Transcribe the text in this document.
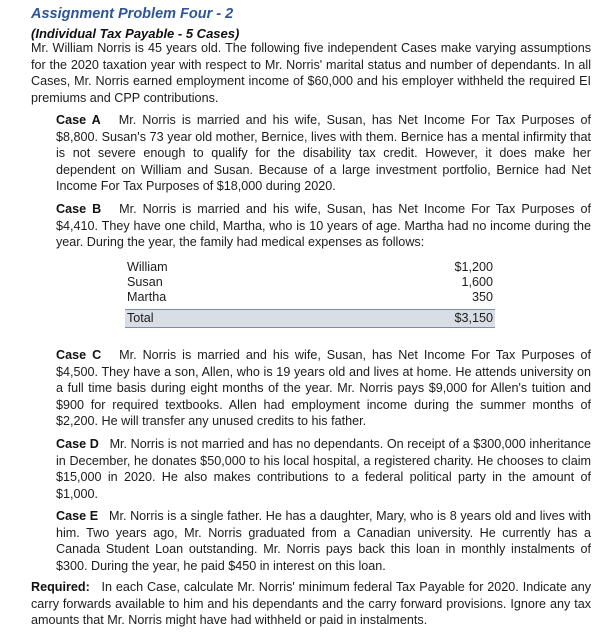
Assignment Problem Four - 2
(Individual Tax Payable - 5 Cases)

Mr. William Norris is 45 years old. The following five independent Cases make varying assumptions for the 2020 taxation year with respect to Mr. Norris' marital status and number of dependants. In all Cases, Mr. Norris earned employment income of $60,000 and his employer withheld the required EI premiums and CPP contributions.

Case A Mr. Norris is married and his wife, Susan, has Net Income For Tax Purposes of $8,800. Susan's 73 year old mother, Bernice, lives with them. Bernice has a mental infirmity that is not severe enough to qualify for the disability tax credit. However, it does make her dependent on William and Susan. Because of a large investment portfolio, Bernice had Net Income For Tax Purposes of $18,000 during 2020.

Case B Mr. Norris is married and his wife, Susan, has Net Income For Tax Purposes of $4,410. They have one child, Martha, who is 10 years of age. Martha had no income during the year. During the year, the family had medical expenses as follows:

William	$1,200
Susan	1,600
Martha	350
Total	$3,150

Case C Mr. Norris is married and his wife, Susan, has Net Income For Tax Purposes of $4,500. They have a son, Allen, who is 19 years old and lives at home. He attends university on a full time basis during eight months of the year. Mr. Norris pays $9,000 for Allen's tuition and $900 for required textbooks. Allen had employment income during the summer months of $2,200. He will transfer any unused credits to his father.

Case D Mr. Norris is not married and has no dependants. On receipt of a $300,000 inheritance in December, he donates $50,000 to his local hospital, a registered charity. He chooses to claim $15,000 in 2020. He also makes contributions to a federal political party in the amount of $1,000.

Case E Mr. Norris is a single father. He has a daughter, Mary, who is 8 years old and lives with him. Two years ago, Mr. Norris graduated from a Canadian university. He currently has a Canada Student Loan outstanding. Mr. Norris pays back this loan in monthly instalments of $300. During the year, he paid $450 in interest on this loan.

Required: In each Case, calculate Mr. Norris' minimum federal Tax Payable for 2020. Indicate any carry forwards available to him and his dependants and the carry forward provisions. Ignore any tax amounts that Mr. Norris might have had withheld or paid in instalments.
